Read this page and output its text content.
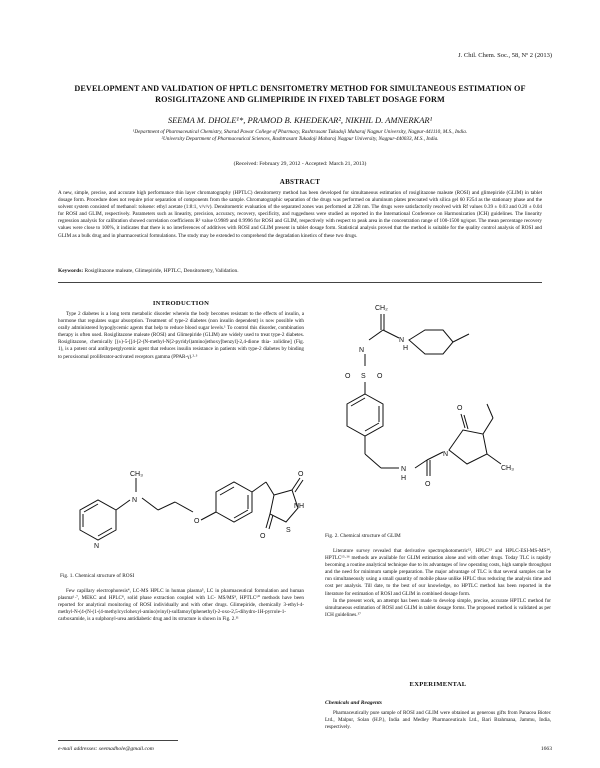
J. Chil. Chem. Soc., 58, Nº 2 (2013)
DEVELOPMENT AND VALIDATION OF HPTLC DENSITOMETRY METHOD FOR SIMULTANEOUS ESTIMATION OF ROSIGLITAZONE AND GLIMEPIRIDE IN FIXED TABLET DOSAGE FORM
SEEMA M. DHOLE¹*, PRAMOD B. KHEDEKAR², NIKHIL D. AMNERKAR¹
¹Department of Pharmaceutical Chemistry, Sharad Pawar College of Pharmacy, Rashtrasant Tukadoji Maharaj Nagpur University, Nagpur-441110, M.S., India.
²University Department of Pharmaceutical Sciences, Rashtrasant Tukadoji Maharaj Nagpur University, Nagpur-440033, M.S., India.
(Received: February 29, 2012 - Accepted: March 21, 2013)
ABSTRACT
A new, simple, precise, and accurate high performance thin layer chromatography (HPTLC) densitometry method has been developed for simultaneous estimation of rosiglitazone maleate (ROSI) and glimepiride (GLIM) in tablet dosage form. Procedure does not require prior separation of components from the sample. Chromatographic separation of the drugs was performed on aluminum plates precoated with silica gel 60 F254 as the stationary phase and the solvent system consisted of methanol: toluene: ethyl acetate (1:8:1, v/v/v). Densitometric evaluation of the separated zones was performed at 228 nm. The drugs were satisfactorily resolved with Rf values 0.39 ± 0.03 and 0.20 ± 0.04 for ROSI and GLIM, respectively. Parameters such as linearity, precision, accuracy, recovery, specificity, and ruggedness were studied as reported in the International Conference on Harmonization (ICH) guidelines. The linearity regression analysis for calibration showed correlation coefficients R² value 0.9989 and 0.9996 for ROSI and GLIM, respectively with respect to peak area in the concentration range of 100-1500 ng/spot. The mean percentage recovery values were close to 100%, it indicates that there is no interferences of additives with ROSI and GLIM present in tablet dosage form. Statistical analysis proved that the method is suitable for the quality control analysis of ROSI and GLIM as a bulk drug and in pharmaceutical formulations. The study may be extended to comprehend the degradation kinetics of these two drugs.
Keywords: Rosiglitazone maleate, Glimepiride, HPTLC, Densitometry, Validation.
INTRODUCTION
Type 2 diabetes is a long term metabolic disorder wherein the body becomes resistant to the effects of insulin, a hormone that regulates sugar absorption. Treatment of type-2 diabetes (non insulin dependent) is now possible with orally administered hypoglycemic agents that help to reduce blood sugar levels.¹ To control this disorder, combination therapy is often used. Rosiglitazone maleate (ROSI) and Glimepiride (GLIM) are widely used to treat type-2 diabetes. Rosiglitazone, chemically [(±)-5-[[4-[2-(N-methyl-N(2-pyridyl)amino]ethoxy]benzyl]-2,4-dione thia- zolidine] (Fig. 1), is a potent oral antihyperglycemic agent that reduces insulin resistance in patients with type-2 diabetes by binding to peroxisomal proliferator-activated receptors gamma (PPAR-γ).²·³
CH₃
N
N
O
S
O
NH
O
Fig. 1. Chemical structure of ROSI
Few capillary electrophoresis⁴, LC-MS HPLC in human plasma⁵, LC in pharmaceutical formulation and human plasma⁶·⁷, MEKC and HPLC⁸, solid phase extraction coupled with LC- MS/MS⁹, HPTLC¹⁰ methods have been reported for analytical monitoring of ROSI individually and with other drugs. Glimepiride, chemically 3-ethyl-4-methyl-N-(4-(N-(1-(4-methylcyclohexyl-amino)vinyl)-sulfamoyl)phenethyl)-2-oxo-2,5-dihydro-1H-pyrrole-1-carboxamide, is a sulphonyl-urea antidiabetic drug and its structure is shown in Fig. 2.¹¹
CH₂
N
H
N
H
S
O	O
H
N
O
N
O
CH₃
Fig. 2. Chemical structure of GLIM

Literature survey revealed that derivative spectrophotometric¹², HPLC¹³ and HPLC-ESI-MS-MS¹⁴, HPTLC¹⁵·¹⁶ methods are available for GLIM estimation alone and with other drugs. Today TLC is rapidly becoming a routine analytical technique due to its advantages of low operating costs, high sample throughput and the need for minimum sample preparation. The major advantage of TLC is that several samples can be run simultaneously using a small quantity of mobile phase unlike HPLC thus reducing the analysis time and cost per analysis. Till date, to the best of our knowledge, no HPTLC method has been reported in the literature for estimation of ROSI and GLIM in combined dosage form.

In the present work, an attempt has been made to develop simple, precise, accurate HPTLC method for simultaneous estimation of ROSI and GLIM in tablet dosage forms. The proposed method is validated as per ICH guidelines.¹⁷

EXPERIMENTAL
Chemicals and Reagents
Pharmaceutically pure sample of ROSI and GLIM were obtained as generous gifts from Panacea Biotec Ltd., Malpur, Solan (H.P.), India and Medley Pharmaceuticals Ltd., Bari Brahmana, Jammu, India, respectively.
e-mail addresses: seemadhole@gmail.com	1663
